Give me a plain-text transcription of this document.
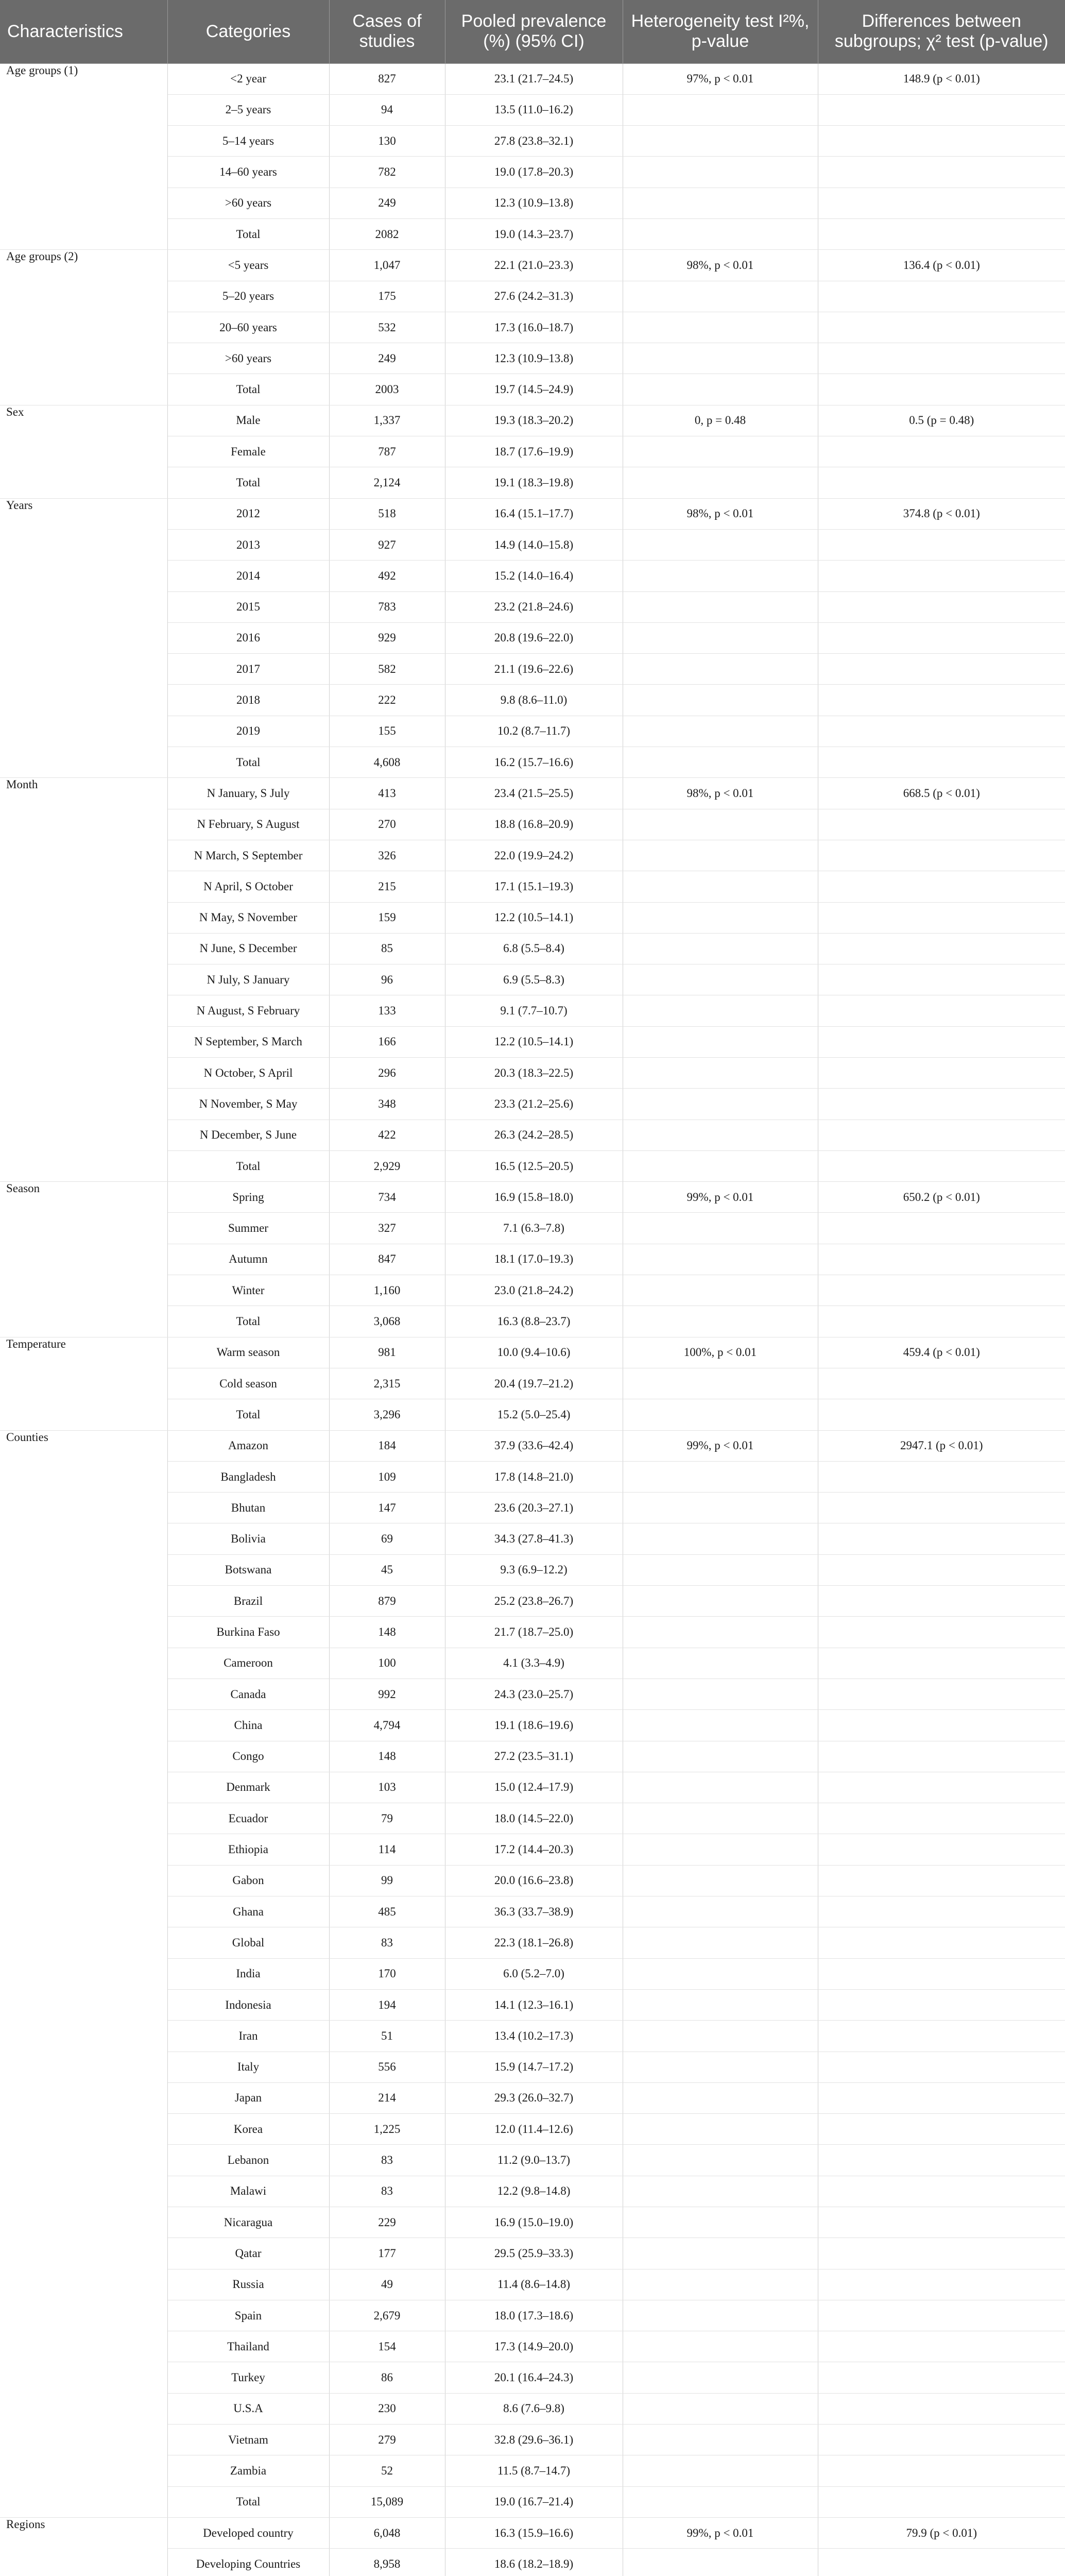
Characteristics	Categories	Cases of studies	Pooled prevalence (%) (95% CI)	Heterogeneity test I²%, p-value	Differences between subgroups; χ² test (p-value)
Age groups (1)	<2 year	827	23.1 (21.7–24.5)	97%, p < 0.01	148.9 (p < 0.01)
	2–5 years	94	13.5 (11.0–16.2)		
	5–14 years	130	27.8 (23.8–32.1)		
	14–60 years	782	19.0 (17.8–20.3)		
	>60 years	249	12.3 (10.9–13.8)		
	Total	2082	19.0 (14.3–23.7)		
Age groups (2)	<5 years	1,047	22.1 (21.0–23.3)	98%, p < 0.01	136.4 (p < 0.01)
	5–20 years	175	27.6 (24.2–31.3)		
	20–60 years	532	17.3 (16.0–18.7)		
	>60 years	249	12.3 (10.9–13.8)		
	Total	2003	19.7 (14.5–24.9)		
Sex	Male	1,337	19.3 (18.3–20.2)	0, p = 0.48	0.5 (p = 0.48)
	Female	787	18.7 (17.6–19.9)		
	Total	2,124	19.1 (18.3–19.8)		
Years	2012	518	16.4 (15.1–17.7)	98%, p < 0.01	374.8 (p < 0.01)
	2013	927	14.9 (14.0–15.8)		
	2014	492	15.2 (14.0–16.4)		
	2015	783	23.2 (21.8–24.6)		
	2016	929	20.8 (19.6–22.0)		
	2017	582	21.1 (19.6–22.6)		
	2018	222	9.8 (8.6–11.0)		
	2019	155	10.2 (8.7–11.7)		
	Total	4,608	16.2 (15.7–16.6)		
Month	N January, S July	413	23.4 (21.5–25.5)	98%, p < 0.01	668.5 (p < 0.01)
	N February, S August	270	18.8 (16.8–20.9)		
	N March, S September	326	22.0 (19.9–24.2)		
	N April, S October	215	17.1 (15.1–19.3)		
	N May, S November	159	12.2 (10.5–14.1)		
	N June, S December	85	6.8 (5.5–8.4)		
	N July, S January	96	6.9 (5.5–8.3)		
	N August, S February	133	9.1 (7.7–10.7)		
	N September, S March	166	12.2 (10.5–14.1)		
	N October, S April	296	20.3 (18.3–22.5)		
	N November, S May	348	23.3 (21.2–25.6)		
	N December, S June	422	26.3 (24.2–28.5)		
	Total	2,929	16.5 (12.5–20.5)		
Season	Spring	734	16.9 (15.8–18.0)	99%, p < 0.01	650.2 (p < 0.01)
	Summer	327	7.1 (6.3–7.8)		
	Autumn	847	18.1 (17.0–19.3)		
	Winter	1,160	23.0 (21.8–24.2)		
	Total	3,068	16.3 (8.8–23.7)		
Temperature	Warm season	981	10.0 (9.4–10.6)	100%, p < 0.01	459.4 (p < 0.01)
	Cold season	2,315	20.4 (19.7–21.2)		
	Total	3,296	15.2 (5.0–25.4)		
Counties	Amazon	184	37.9 (33.6–42.4)	99%, p < 0.01	2947.1 (p < 0.01)
	Bangladesh	109	17.8 (14.8–21.0)		
	Bhutan	147	23.6 (20.3–27.1)		
	Bolivia	69	34.3 (27.8–41.3)		
	Botswana	45	9.3 (6.9–12.2)		
	Brazil	879	25.2 (23.8–26.7)		
	Burkina Faso	148	21.7 (18.7–25.0)		
	Cameroon	100	4.1 (3.3–4.9)		
	Canada	992	24.3 (23.0–25.7)		
	China	4,794	19.1 (18.6–19.6)		
	Congo	148	27.2 (23.5–31.1)		
	Denmark	103	15.0 (12.4–17.9)		
	Ecuador	79	18.0 (14.5–22.0)		
	Ethiopia	114	17.2 (14.4–20.3)		
	Gabon	99	20.0 (16.6–23.8)		
	Ghana	485	36.3 (33.7–38.9)		
	Global	83	22.3 (18.1–26.8)		
	India	170	6.0 (5.2–7.0)		
	Indonesia	194	14.1 (12.3–16.1)		
	Iran	51	13.4 (10.2–17.3)		
	Italy	556	15.9 (14.7–17.2)		
	Japan	214	29.3 (26.0–32.7)		
	Korea	1,225	12.0 (11.4–12.6)		
	Lebanon	83	11.2 (9.0–13.7)		
	Malawi	83	12.2 (9.8–14.8)		
	Nicaragua	229	16.9 (15.0–19.0)		
	Qatar	177	29.5 (25.9–33.3)		
	Russia	49	11.4 (8.6–14.8)		
	Spain	2,679	18.0 (17.3–18.6)		
	Thailand	154	17.3 (14.9–20.0)		
	Turkey	86	20.1 (16.4–24.3)		
	U.S.A	230	8.6 (7.6–9.8)		
	Vietnam	279	32.8 (29.6–36.1)		
	Zambia	52	11.5 (8.7–14.7)		
	Total	15,089	19.0 (16.7–21.4)		
Regions	Developed country	6,048	16.3 (15.9–16.6)	99%, p < 0.01	79.9 (p < 0.01)
	Developing Countries	8,958	18.6 (18.2–18.9)		
